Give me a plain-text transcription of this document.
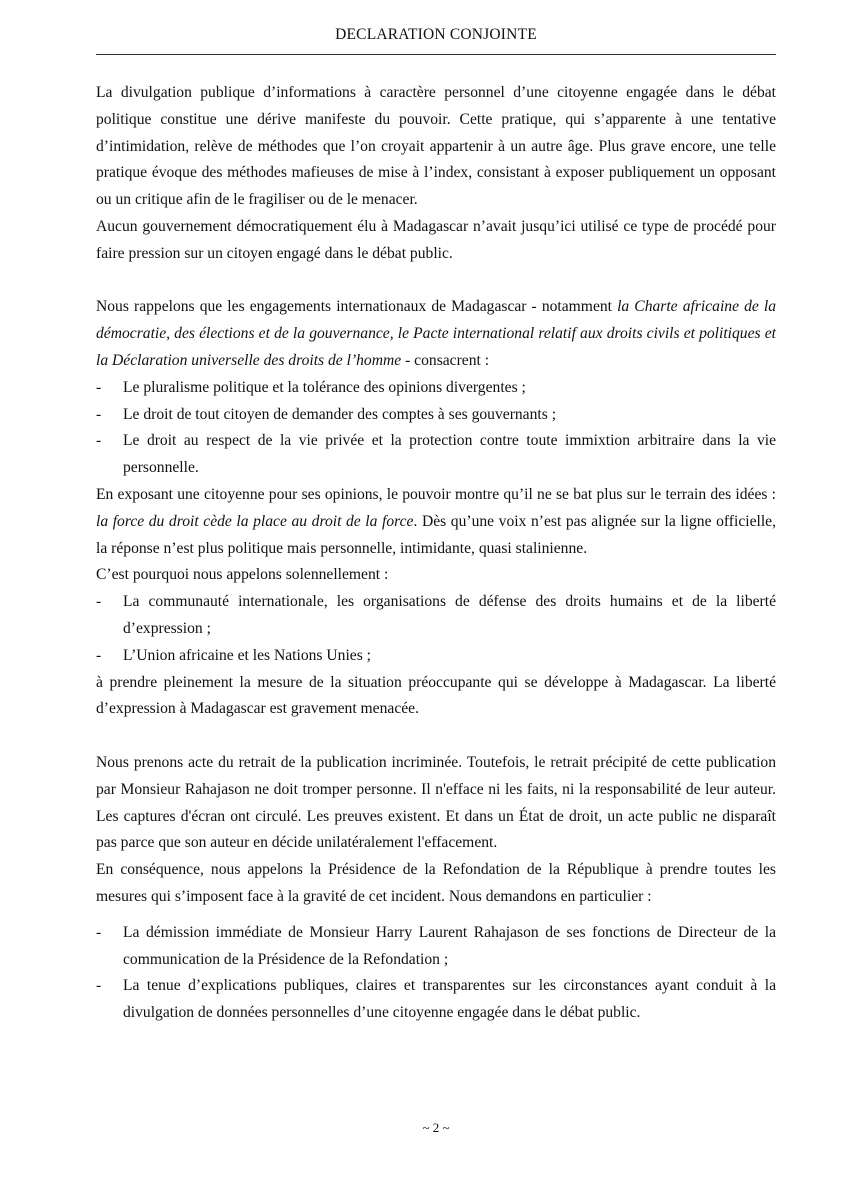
DECLARATION CONJOINTE

La divulgation publique d’informations à caractère personnel d’une citoyenne engagée dans le débat politique constitue une dérive manifeste du pouvoir. Cette pratique, qui s’apparente à une tentative d’intimidation, relève de méthodes que l’on croyait appartenir à un autre âge. Plus grave encore, une telle pratique évoque des méthodes mafieuses de mise à l’index, consistant à exposer publiquement un opposant ou un critique afin de le fragiliser ou de le menacer.

Aucun gouvernement démocratiquement élu à Madagascar n’avait jusqu’ici utilisé ce type de procédé pour faire pression sur un citoyen engagé dans le débat public.

Nous rappelons que les engagements internationaux de Madagascar - notamment la Charte africaine de la démocratie, des élections et de la gouvernance, le Pacte international relatif aux droits civils et politiques et la Déclaration universelle des droits de l’homme - consacrent :

-	Le pluralisme politique et la tolérance des opinions divergentes ;
-	Le droit de tout citoyen de demander des comptes à ses gouvernants ;
-	Le droit au respect de la vie privée et la protection contre toute immixtion arbitraire dans la vie personnelle.

En exposant une citoyenne pour ses opinions, le pouvoir montre qu’il ne se bat plus sur le terrain des idées : la force du droit cède la place au droit de la force. Dès qu’une voix n’est pas alignée sur la ligne officielle, la réponse n’est plus politique mais personnelle, intimidante, quasi stalinienne.

C’est pourquoi nous appelons solennellement :

-	La communauté internationale, les organisations de défense des droits humains et de la liberté d’expression ;
-	L’Union africaine et les Nations Unies ;

à prendre pleinement la mesure de la situation préoccupante qui se développe à Madagascar. La liberté d’expression à Madagascar est gravement menacée.

Nous prenons acte du retrait de la publication incriminée. Toutefois, le retrait précipité de cette publication par Monsieur Rahajason ne doit tromper personne. Il n'efface ni les faits, ni la responsabilité de leur auteur. Les captures d'écran ont circulé. Les preuves existent. Et dans un État de droit, un acte public ne disparaît pas parce que son auteur en décide unilatéralement l'effacement.

En conséquence, nous appelons la Présidence de la Refondation de la République à prendre toutes les mesures qui s’imposent face à la gravité de cet incident. Nous demandons en particulier :

-	La démission immédiate de Monsieur Harry Laurent Rahajason de ses fonctions de Directeur de la communication de la Présidence de la Refondation ;
-	La tenue d’explications publiques, claires et transparentes sur les circonstances ayant conduit à la divulgation de données personnelles d’une citoyenne engagée dans le débat public.
~ 2 ~
